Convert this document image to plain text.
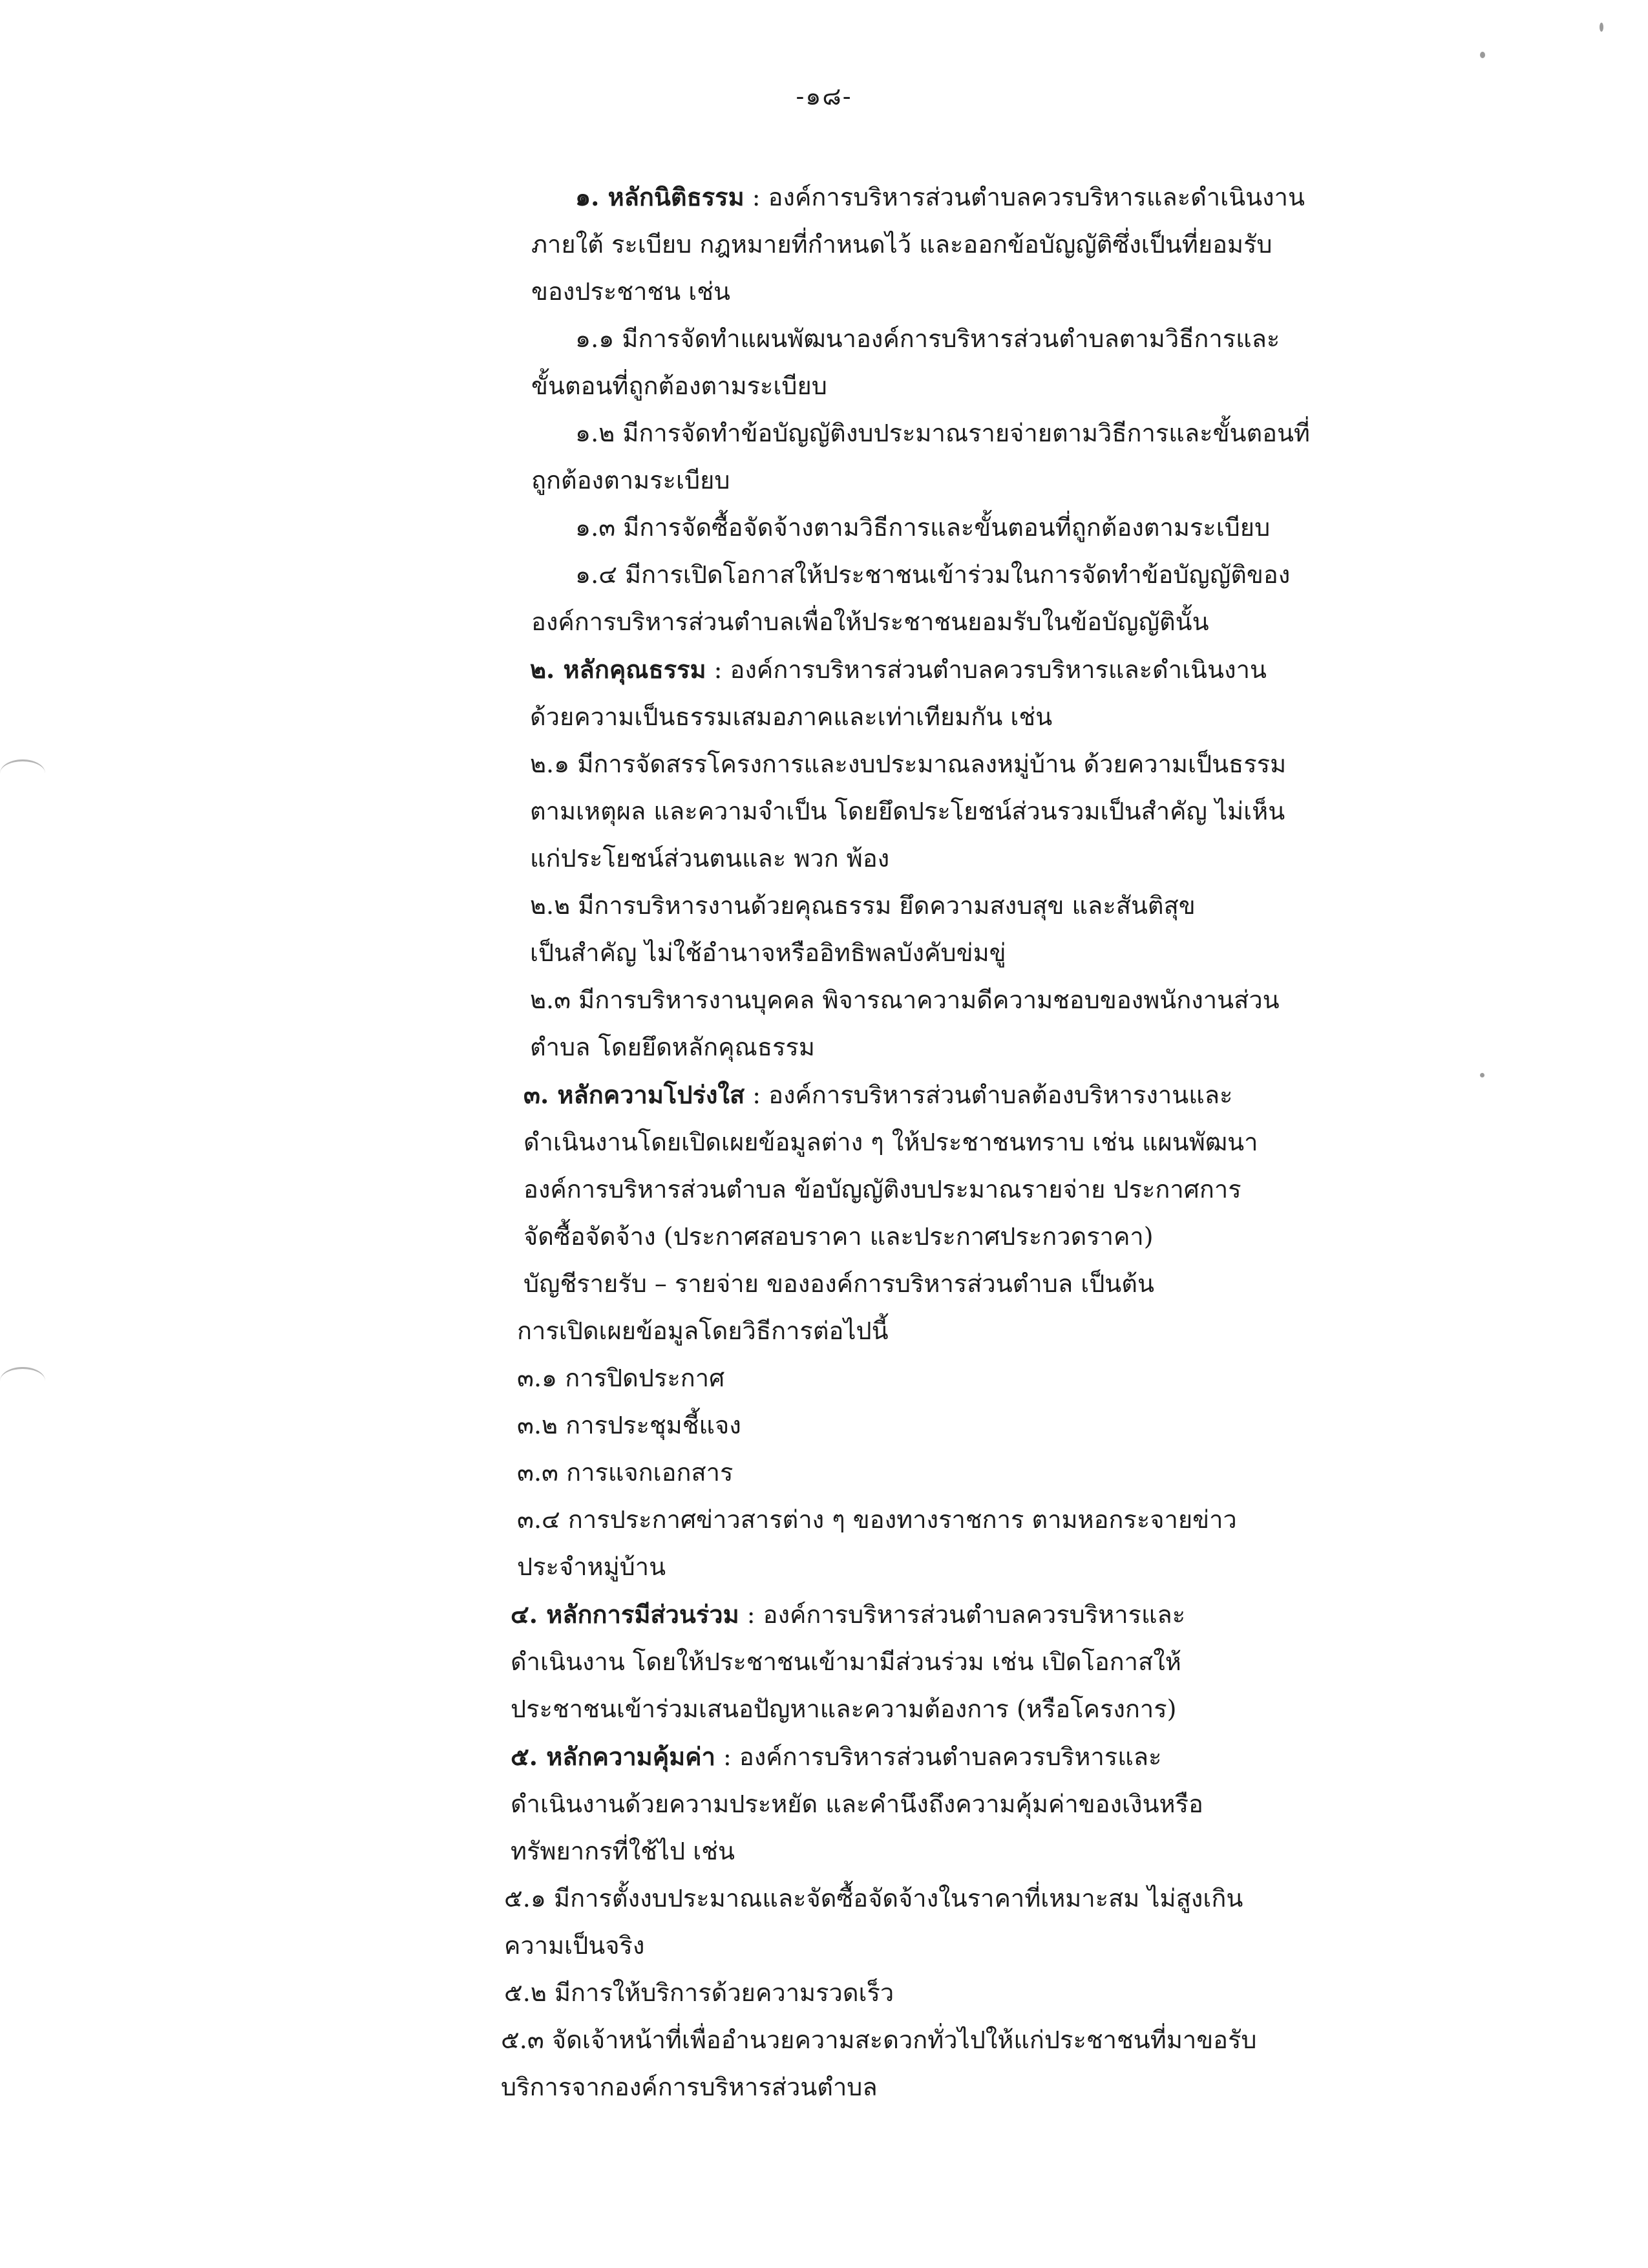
-๑๘-
๑. หลักนิติธรรม : องค์การบริหารส่วนตำบลควรบริหารและดำเนินงาน
ภายใต้ ระเบียบ กฎหมายที่กำหนดไว้ และออกข้อบัญญัติซึ่งเป็นที่ยอมรับ
ของประชาชน เช่น
๑.๑ มีการจัดทำแผนพัฒนาองค์การบริหารส่วนตำบลตามวิธีการและ
ขั้นตอนที่ถูกต้องตามระเบียบ
๑.๒ มีการจัดทำข้อบัญญัติงบประมาณรายจ่ายตามวิธีการและขั้นตอนที่
ถูกต้องตามระเบียบ
๑.๓ มีการจัดซื้อจัดจ้างตามวิธีการและขั้นตอนที่ถูกต้องตามระเบียบ
๑.๔ มีการเปิดโอกาสให้ประชาชนเข้าร่วมในการจัดทำข้อบัญญัติของ
องค์การบริหารส่วนตำบลเพื่อให้ประชาชนยอมรับในข้อบัญญัตินั้น
๒. หลักคุณธรรม : องค์การบริหารส่วนตำบลควรบริหารและดำเนินงาน
ด้วยความเป็นธรรมเสมอภาคและเท่าเทียมกัน เช่น
๒.๑ มีการจัดสรรโครงการและงบประมาณลงหมู่บ้าน ด้วยความเป็นธรรม
ตามเหตุผล และความจำเป็น โดยยึดประโยชน์ส่วนรวมเป็นสำคัญ ไม่เห็น
แก่ประโยชน์ส่วนตนและ พวก พ้อง
๒.๒ มีการบริหารงานด้วยคุณธรรม ยึดความสงบสุข และสันติสุข
เป็นสำคัญ ไม่ใช้อำนาจหรืออิทธิพลบังคับข่มขู่
๒.๓ มีการบริหารงานบุคคล พิจารณาความดีความชอบของพนักงานส่วน
ตำบล โดยยึดหลักคุณธรรม
๓. หลักความโปร่งใส : องค์การบริหารส่วนตำบลต้องบริหารงานและ
ดำเนินงานโดยเปิดเผยข้อมูลต่าง ๆ ให้ประชาชนทราบ เช่น แผนพัฒนา
องค์การบริหารส่วนตำบล ข้อบัญญัติงบประมาณรายจ่าย ประกาศการ
จัดซื้อจัดจ้าง (ประกาศสอบราคา และประกาศประกวดราคา)
บัญชีรายรับ – รายจ่าย ขององค์การบริหารส่วนตำบล เป็นต้น
การเปิดเผยข้อมูลโดยวิธีการต่อไปนี้
๓.๑ การปิดประกาศ
๓.๒ การประชุมชี้แจง
๓.๓ การแจกเอกสาร
๓.๔ การประกาศข่าวสารต่าง ๆ ของทางราชการ ตามหอกระจายข่าว
ประจำหมู่บ้าน
๔. หลักการมีส่วนร่วม : องค์การบริหารส่วนตำบลควรบริหารและ
ดำเนินงาน โดยให้ประชาชนเข้ามามีส่วนร่วม เช่น เปิดโอกาสให้
ประชาชนเข้าร่วมเสนอปัญหาและความต้องการ (หรือโครงการ)
๕. หลักความคุ้มค่า : องค์การบริหารส่วนตำบลควรบริหารและ
ดำเนินงานด้วยความประหยัด และคำนึงถึงความคุ้มค่าของเงินหรือ
ทรัพยากรที่ใช้ไป เช่น
๕.๑ มีการตั้งงบประมาณและจัดซื้อจัดจ้างในราคาที่เหมาะสม ไม่สูงเกิน
ความเป็นจริง
๕.๒ มีการให้บริการด้วยความรวดเร็ว
๕.๓ จัดเจ้าหน้าที่เพื่ออำนวยความสะดวกทั่วไปให้แก่ประชาชนที่มาขอรับ
บริการจากองค์การบริหารส่วนตำบล
